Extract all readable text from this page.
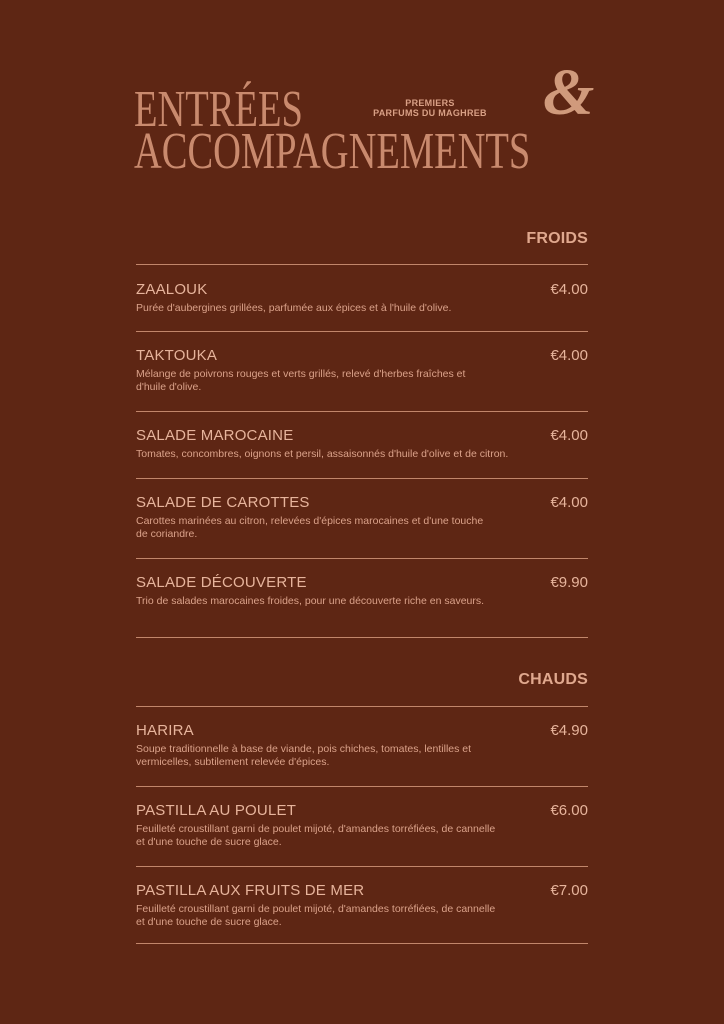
ENTRÉES
ACCOMPAGNEMENTS
PREMIERS
PARFUMS DU MAGHREB &
FROIDS
ZAALOUK	€4.00
Purée d'aubergines grillées, parfumée aux épices et à l'huile d'olive.
TAKTOUKA	€4.00
Mélange de poivrons rouges et verts grillés, relevé d'herbes fraîches et d'huile d'olive.
SALADE MAROCAINE	€4.00
Tomates, concombres, oignons et persil, assaisonnés d'huile d'olive et de citron.
SALADE DE CAROTTES	€4.00
Carottes marinées au citron, relevées d'épices marocaines et d'une touche de coriandre.
SALADE DÉCOUVERTE	€9.90
Trio de salades marocaines froides, pour une découverte riche en saveurs.
CHAUDS
HARIRA	€4.90
Soupe traditionnelle à base de viande, pois chiches, tomates, lentilles et vermicelles, subtilement relevée d'épices.
PASTILLA AU POULET	€6.00
Feuilleté croustillant garni de poulet mijoté, d'amandes torréfiées, de cannelle et d'une touche de sucre glace.
PASTILLA AUX FRUITS DE MER	€7.00
Feuilleté croustillant garni de poulet mijoté, d'amandes torréfiées, de cannelle et d'une touche de sucre glace.
